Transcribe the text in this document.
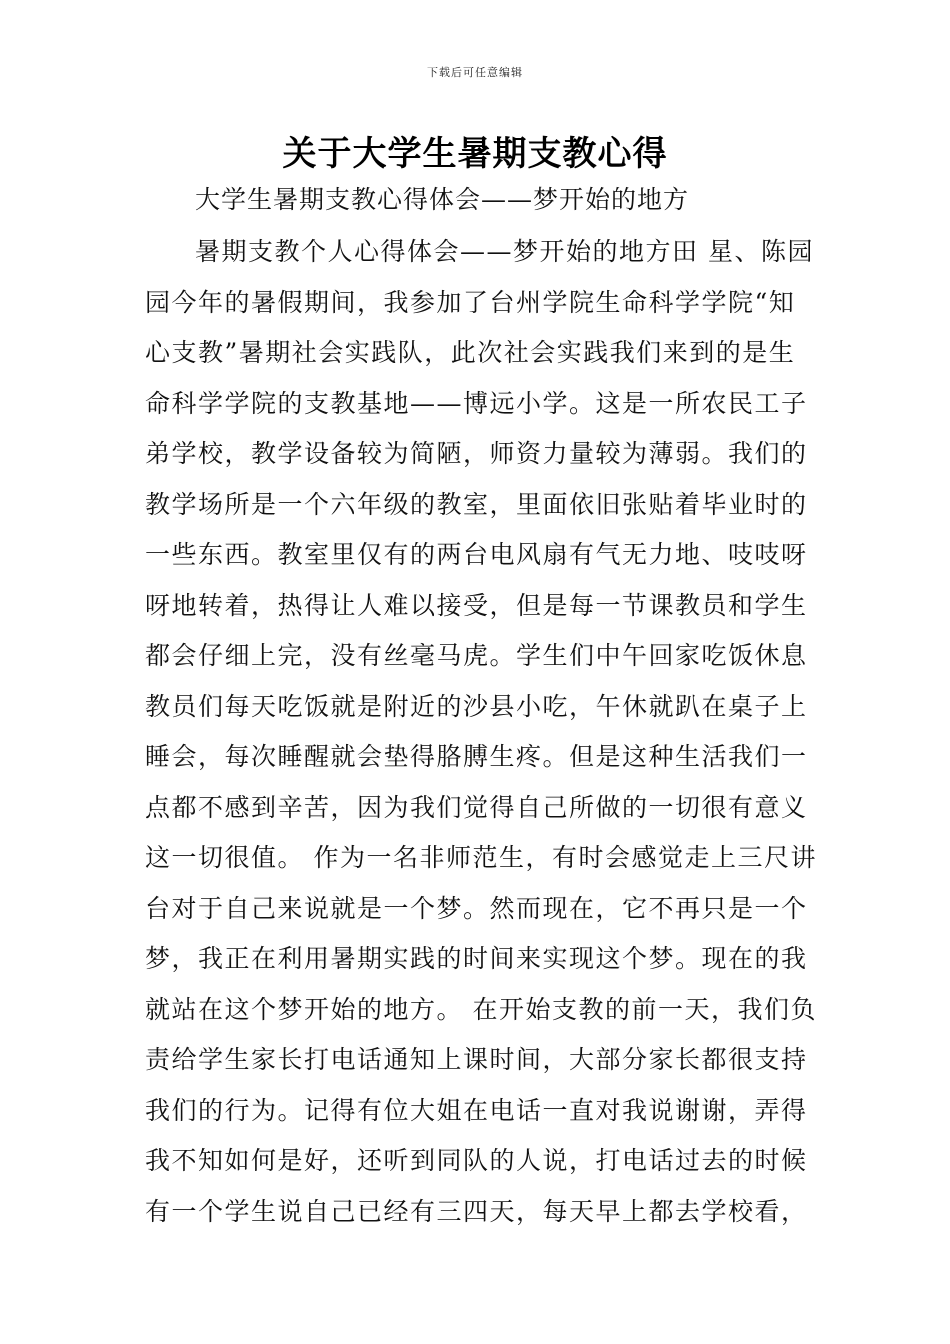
下载后可任意编辑
关于大学生暑期支教心得
大学生暑期支教心得体会——梦开始的地方
暑期支教个人心得体会——梦开始的地方田 星、陈园
园今年的暑假期间，我参加了台州学院生命科学学院“知
心支教”暑期社会实践队，此次社会实践我们来到的是生
命科学学院的支教基地——博远小学。这是一所农民工子
弟学校，教学设备较为简陋，师资力量较为薄弱。我们的
教学场所是一个六年级的教室，里面依旧张贴着毕业时的
一些东西。教室里仅有的两台电风扇有气无力地、吱吱呀
呀地转着，热得让人难以接受，但是每一节课教员和学生
都会仔细上完，没有丝毫马虎。学生们中午回家吃饭休息
教员们每天吃饭就是附近的沙县小吃，午休就趴在桌子上
睡会，每次睡醒就会垫得胳膊生疼。但是这种生活我们一
点都不感到辛苦，因为我们觉得自己所做的一切很有意义
这一切很值。 作为一名非师范生，有时会感觉走上三尺讲
台对于自己来说就是一个梦。然而现在，它不再只是一个
梦，我正在利用暑期实践的时间来实现这个梦。现在的我
就站在这个梦开始的地方。 在开始支教的前一天，我们负
责给学生家长打电话通知上课时间，大部分家长都很支持
我们的行为。记得有位大姐在电话一直对我说谢谢，弄得
我不知如何是好，还听到同队的人说，打电话过去的时候
有一个学生说自己已经有三四天，每天早上都去学校看，
